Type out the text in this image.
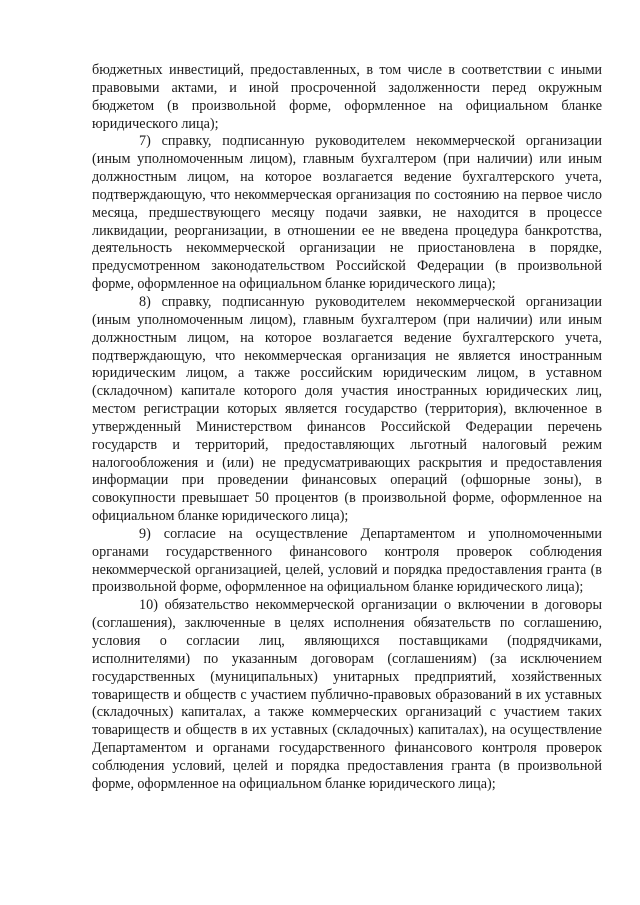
бюджетных инвестиций, предоставленных, в том числе в соответствии с иными правовыми актами, и иной просроченной задолженности перед окружным бюджетом (в произвольной форме, оформленное на официальном бланке юридического лица);

7) справку, подписанную руководителем некоммерческой организации (иным уполномоченным лицом), главным бухгалтером (при наличии) или иным должностным лицом, на которое возлагается ведение бухгалтерского учета, подтверждающую, что некоммерческая организация по состоянию на первое число месяца, предшествующего месяцу подачи заявки, не находится в процессе ликвидации, реорганизации, в отношении ее не введена процедура банкротства, деятельность некоммерческой организации не приостановлена в порядке, предусмотренном законодательством Российской Федерации (в произвольной форме, оформленное на официальном бланке юридического лица);

8) справку, подписанную руководителем некоммерческой организации (иным уполномоченным лицом), главным бухгалтером (при наличии) или иным должностным лицом, на которое возлагается ведение бухгалтерского учета, подтверждающую, что некоммерческая организация не является иностранным юридическим лицом, а также российским юридическим лицом, в уставном (складочном) капитале которого доля участия иностранных юридических лиц, местом регистрации которых является государство (территория), включенное в утвержденный Министерством финансов Российской Федерации перечень государств и территорий, предоставляющих льготный налоговый режим налогообложения и (или) не предусматривающих раскрытия и предоставления информации при проведении финансовых операций (офшорные зоны), в совокупности превышает 50 процентов (в произвольной форме, оформленное на официальном бланке юридического лица);

9) согласие на осуществление Департаментом и уполномоченными органами государственного финансового контроля проверок соблюдения некоммерческой организацией, целей, условий и порядка предоставления гранта (в произвольной форме, оформленное на официальном бланке юридического лица);

10) обязательство некоммерческой организации о включении в договоры (соглашения), заключенные в целях исполнения обязательств по соглашению, условия о согласии лиц, являющихся поставщиками (подрядчиками, исполнителями) по указанным договорам (соглашениям) (за исключением государственных (муниципальных) унитарных предприятий, хозяйственных товариществ и обществ с участием публично-правовых образований в их уставных (складочных) капиталах, а также коммерческих организаций с участием таких товариществ и обществ в их уставных (складочных) капиталах), на осуществление Департаментом и органами государственного финансового контроля проверок соблюдения условий, целей и порядка предоставления гранта (в произвольной форме, оформленное на официальном бланке юридического лица);
